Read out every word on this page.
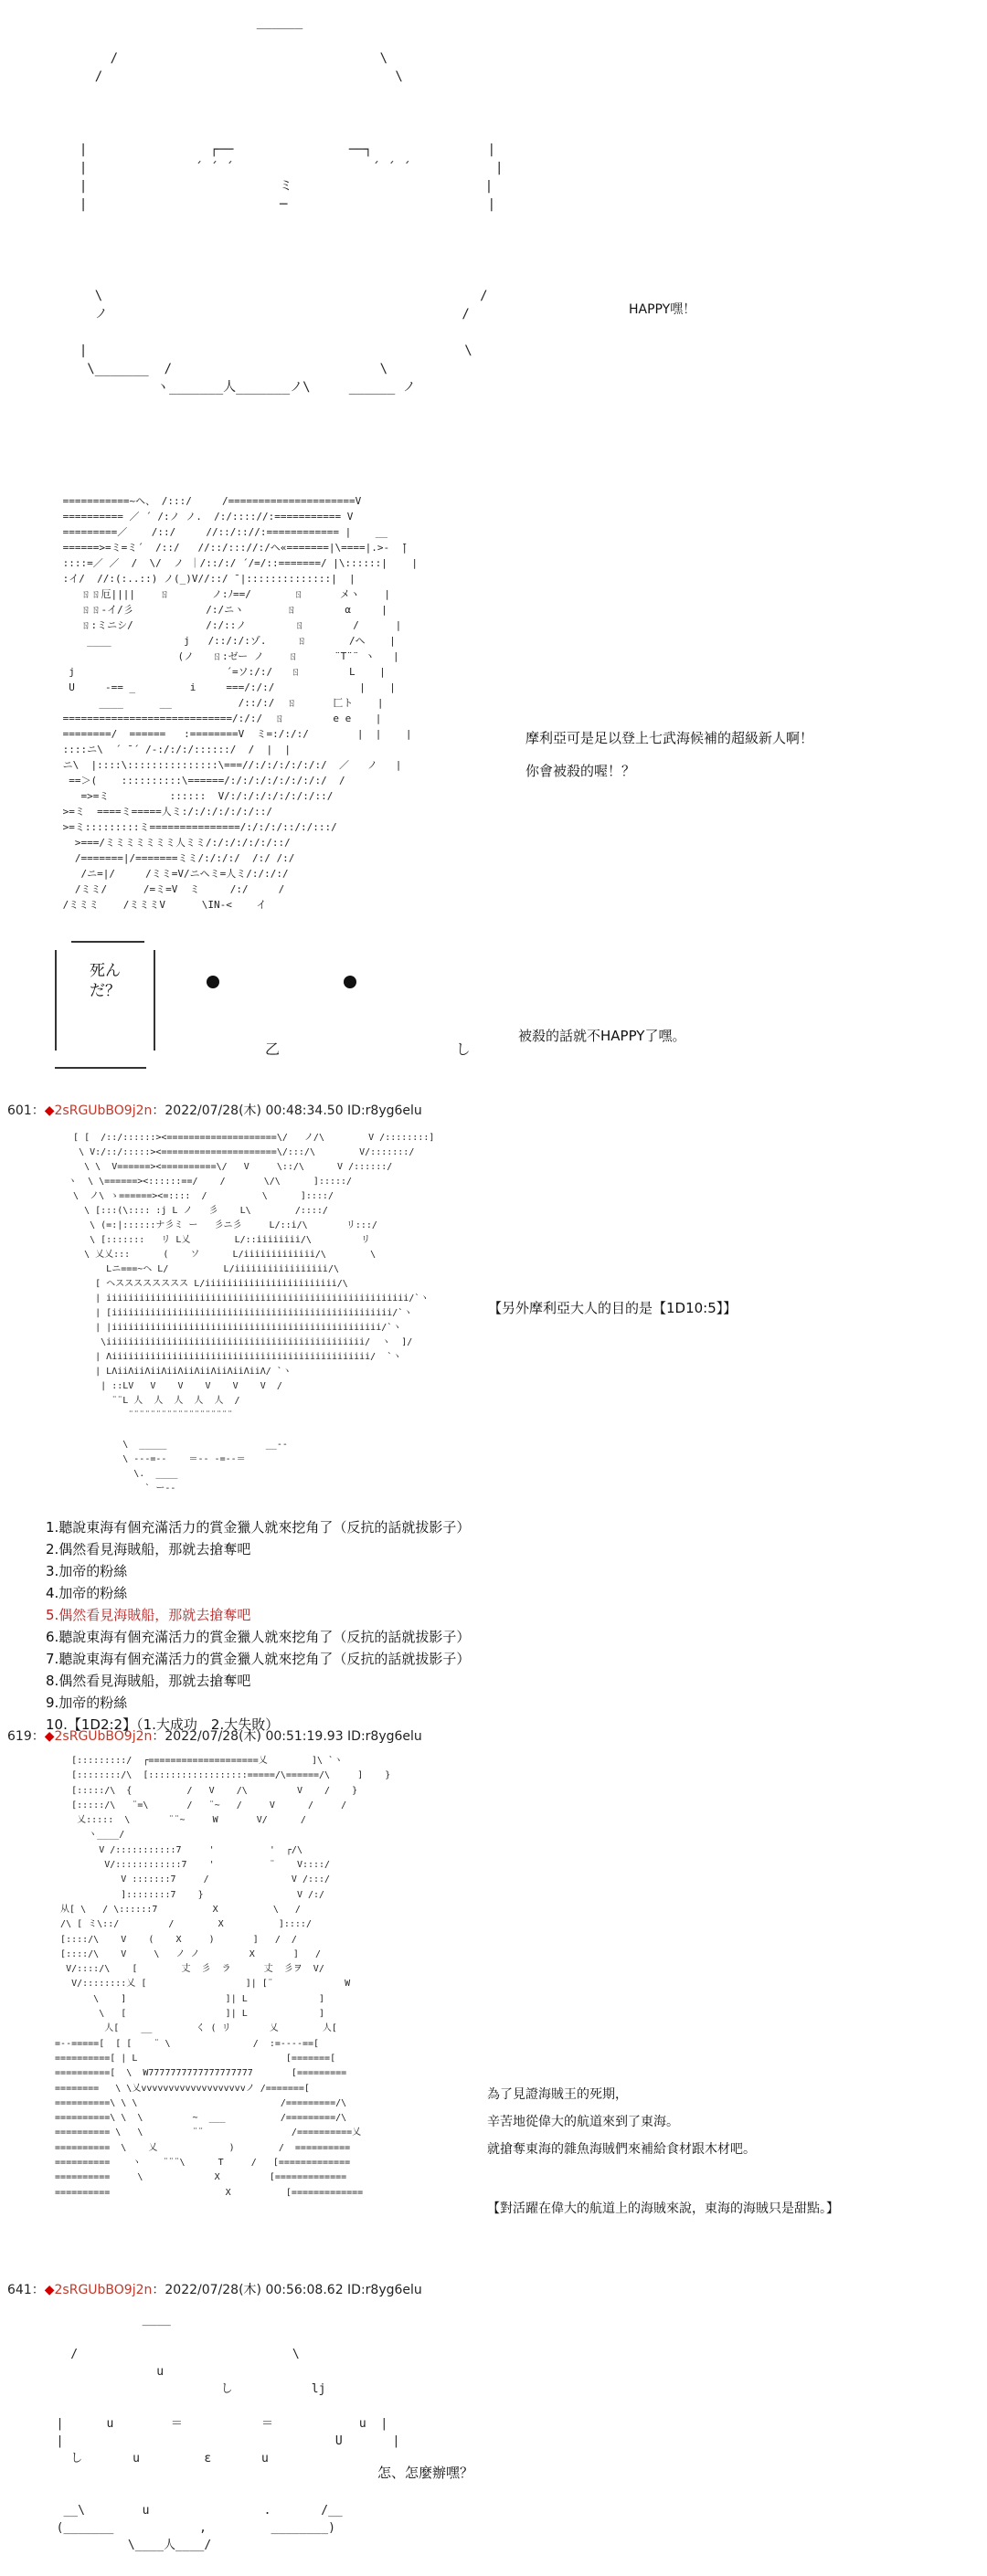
______

/                                  \
/                                      \

|                ┌──               ──┐               |
|              ´ ´ ´                  ´ ´ ´           |
|                         ミ                         |
|                         ─                          |

\                                                 /
ノ                                              /

|                                                 \
\_______  /                           \
ヽ_______人_______ノ\     ______ ノ
HAPPY嘿！
===========~ヘ、 /:::/     /=====================V
========== ／ ´ /:ノ ノ.  /:/:::://:=========== V
=========／    /::/     //::/:://:============ |    __
======>=ミ=ミ´  /::/   //::/::://:/ヘ«=======|\====|.>-  ̄|
::::=／ ／  /  \/  ノ ｜/::/:/ ´/=/::=======/ |\::::::|    |
:イ/  //:(:..::) ノ(_)V//::/ ̄ |::::::::::::::|  |
ㄖㄖ厄||||    ㄖ       ノ:ﾉ==/       ㄖ      メヽ    |
ㄖㄖ‐イ/彡            /:/ニヽ       ㄖ        α     |
ㄖ:ミニシ/            /:/::ノ        ㄖ        /      |
____            j   /::/:/:ゾ.     ㄖ       /ヘ    |
(ノ   ㄖ:ゼー ノ    ㄖ      ¨T¨¨ ヽ   |
j                         ´=ソ:/:/   ㄖ        L    |
U     -== _         i     ===/:/:/              |    |
____      __           /::/:/  ㄖ      匚ト    |
============================/:/:/  ㄖ        e e    |
========/  ======   :========V  ミ=:/:/:/        |  |    |
::::ニ\  ´ ̄ ´ /-:/:/:/::::::/  /  |  |
ニ\  |::::\:::::::::::::::\===//:/:/:/:/:/:/  ／   ノ   |
==＞(    ::::::::::\======/:/:/:/:/:/:/:/:/  /
=>=ミ          ::::::  V/:/:/:/:/:/:/:/::/
>=ミ  ====ミ=====人ミ:/:/:/:/:/:/::/
>=ミ:::::::::ミ===============/:/:/:/::/:/:::/
>===/ミミミミミミミ人ミミ/:/:/:/:/:/::/
/=======|/=======ミミ/:/:/:/  /:/ /:/
/ニ=|/     /ミミ=V/ニヘミ=人ミ/:/:/:/
/ミミ/      /=ミ=V  ミ     /:/     /
/ミミミ    /ミミミV      \IN-<    イ
摩利亞可是足以登上七武海候補的超級新人啊！
你會被殺的喔！？
死んだ？
乙                    し
被殺的話就不HAPPY了嘿。
601：◆2sRGUbBO9j2n：2022/07/28(木) 00:48:34.50 ID:r8yg6elu
[ [  /::/::::::><====================\/   ノ/\        V /::::::::]
\ V:/::/:::::><=====================\/:::/\        V/:::::::/
\ \  V======><==========\/   V     \::/\      V /::::::/
ヽ  \ \======><::::::==/    /       \/\      ]:::::/
\  ノ\ ゝ======><=::::  /          \      ]::::/
\ [:::(\:::: :j L ノ   彡    L\        /::::/
\ (=:|::::::ナ彡ミ ー   彡ニ彡     L/::i/\       リ:::/
\ [:::::::   リ L乂        L/::iiiiiiii/\         リ
\ 乂乂:::      (    ソ      L/iiiiiiiiiiiii/\        \
Lニ===~ヘ L/          L/iiiiiiiiiiiiiiiii/\
[ ヘスススススススス L/iiiiiiiiiiiiiiiiiiiiiiii/\
| iiiiiiiiiiiiiiiiiiiiiiiiiiiiiiiiiiiiiiiiiiiiiiiiiiiiiii/`ヽ
| [iiiiiiiiiiiiiiiiiiiiiiiiiiiiiiiiiiiiiiiiiiiiiiiiiii/`ヽ
| |iiiiiiiiiiiiiiiiiiiiiiiiiiiiiiiiiiiiiiiiiiiiiiiii/`ヽ
\iiiiiiiiiiiiiiiiiiiiiiiiiiiiiiiiiiiiiiiiiiiiiii/  ヽ  ]/
| Λiiiiiiiiiiiiiiiiiiiiiiiiiiiiiiiiiiiiiiiiiiiiiii/  `ヽ
| LΛiiΛiiΛiiΛiiΛiiΛiiΛiiΛiiΛiiΛ/ `ヽ
| ::LV   V    V    V    V    V  /
¨¨L 人  人  人  人  人  /
¨¨¨¨¨¨¨¨¨¨¨¨¨¨¨¨¨¨¨

\  _____                  __--
\ ---=--    ＝-- -=--＝
\.  ____
` ー--
【另外摩利亞大人的目的是【1D10:5】】
1.聽說東海有個充滿活力的賞金獵人就來挖角了（反抗的話就拔影子）
2.偶然看見海賊船，那就去搶奪吧
3.加帝的粉絲
4.加帝的粉絲
5.偶然看見海賊船，那就去搶奪吧
6.聽說東海有個充滿活力的賞金獵人就來挖角了（反抗的話就拔影子）
7.聽說東海有個充滿活力的賞金獵人就來挖角了（反抗的話就拔影子）
8.偶然看見海賊船，那就去搶奪吧
9.加帝的粉絲
10.【1D2:2】（1.大成功　2.大失敗）
619：◆2sRGUbBO9j2n：2022/07/28(木) 00:51:19.93 ID:r8yg6elu
[:::::::::/  ┌====================乂        ]\ `ヽ
[::::::::/\  [::::::::::::::::::=====/\======/\     ]    }
[:::::/\  {          /   V    /\         V    /    }
[:::::/\   ¨=\       /   ¨~   /     V      /     /
乂:::::  \       ¨¨~     W       V/      /
ヽ____/
V /:::::::::::7     '          '  ┌/\
V/::::::::::::7    '          ¨    V::::/
V :::::::7     /               V /:::/
]::::::::7    }                 V /:/
从[ \   / \::::::7          X          \   /
/\ [ ミ\::/         /        X          ]::::/
[::::/\    V    (    X     )       ]   /  /
[::::/\    V     \   ノ ノ         X       ]   /
V/::::/\    [        丈  彡  ラ      丈  彡ヲ  V/
V/::::::::乂 [                  ]| [¨             W
\    ]                  ]| L             ]
\   [                  ]| L             ]
人[    __        く ( リ       乂        人[
=--=====[  [ [    ¨ \               /  :=----==[
==========[ | L                           [=======[
==========[  \  W7777777777777777777       [=========
========   \ \乂vvvvvvvvvvvvvvvvvvvノ /=======[
==========\ \ \                          /=========/\
==========\ \  \         ~  ___          /=========/\
========== \   \         ¨¨                /==========乂
==========  \    乂             )        /  ==========
==========    ヽ    ¨¨¨\      T     /   [=============
==========     \             X         [=============
==========                     X          [=============
為了見證海賊王的死期，
辛苦地從偉大的航道來到了東海。
就搶奪東海的雜魚海賊們來補給食材跟木材吧。
【對活躍在偉大的航道上的海賊來說，東海的海賊只是甜點。】
641：◆2sRGUbBO9j2n：2022/07/28(木) 00:56:08.62 ID:r8yg6elu
____

/                              \
u
し           lj

|      u        ＝           ＝            u  |
|                                      U       |
し       u         ε       u

__\        u                .       /__
(_______            ,         ________)
\____人____/
怎、怎麼辦嘿？
